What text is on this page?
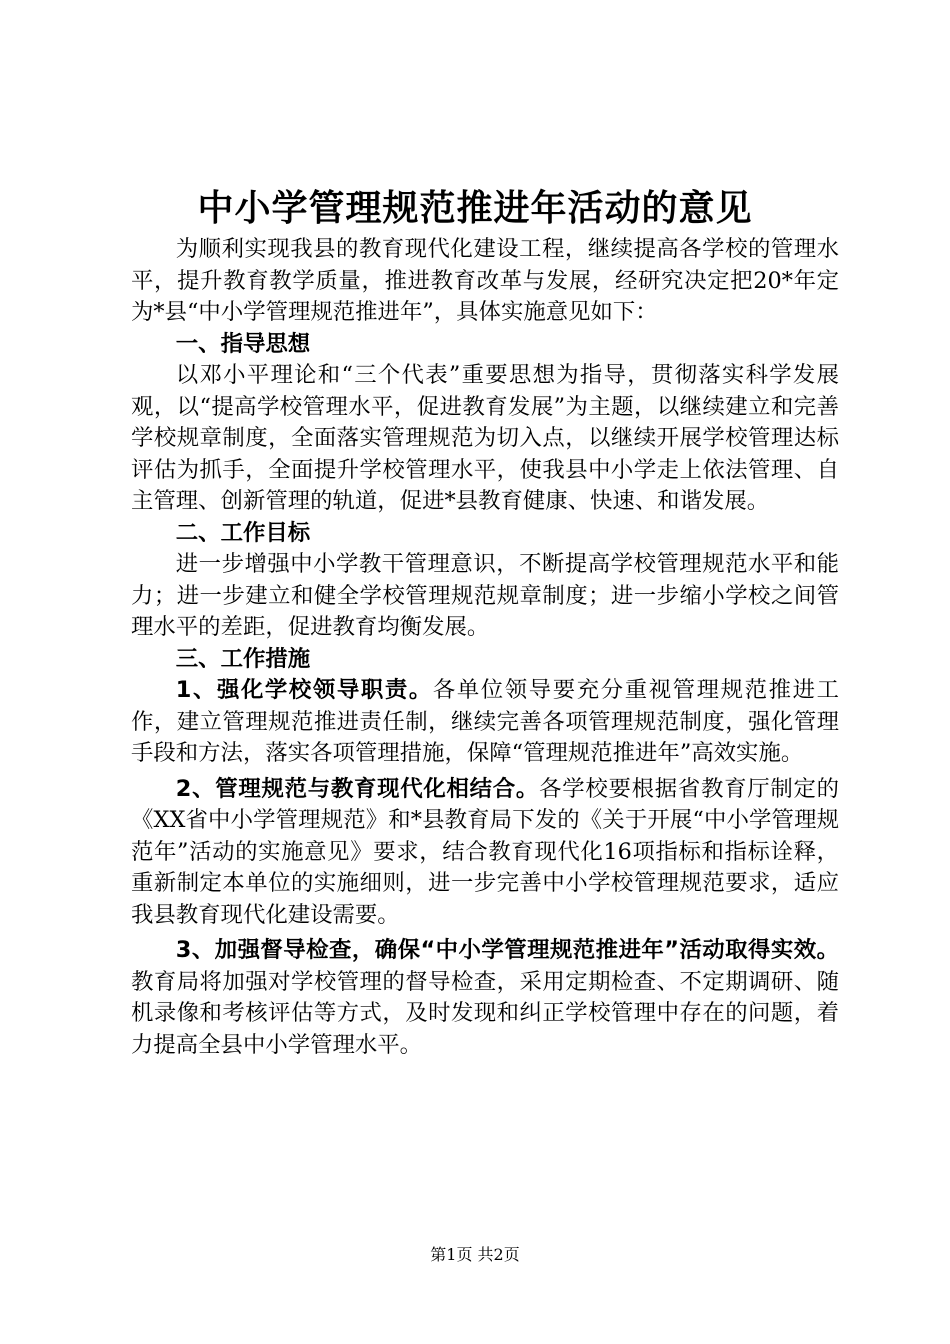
中小学管理规范推进年活动的意见

为顺利实现我县的教育现代化建设工程，继续提高各学校的管理水平，提升教育教学质量，推进教育改革与发展，经研究决定把20*年定为*县“中小学管理规范推进年”，具体实施意见如下：

一、指导思想

以邓小平理论和“三个代表”重要思想为指导，贯彻落实科学发展观，以“提高学校管理水平，促进教育发展”为主题，以继续建立和完善学校规章制度，全面落实管理规范为切入点，以继续开展学校管理达标评估为抓手，全面提升学校管理水平，使我县中小学走上依法管理、自主管理、创新管理的轨道，促进*县教育健康、快速、和谐发展。

二、工作目标

进一步增强中小学教干管理意识，不断提高学校管理规范水平和能力；进一步建立和健全学校管理规范规章制度；进一步缩小学校之间管理水平的差距，促进教育均衡发展。

三、工作措施

1、强化学校领导职责。各单位领导要充分重视管理规范推进工作，建立管理规范推进责任制，继续完善各项管理规范制度，强化管理手段和方法，落实各项管理措施，保障“管理规范推进年”高效实施。

2、管理规范与教育现代化相结合。各学校要根据省教育厅制定的《XX省中小学管理规范》和*县教育局下发的《关于开展“中小学管理规范年”活动的实施意见》要求，结合教育现代化16项指标和指标诠释，重新制定本单位的实施细则，进一步完善中小学校管理规范要求，适应我县教育现代化建设需要。

3、加强督导检查，确保“中小学管理规范推进年”活动取得实效。教育局将加强对学校管理的督导检查，采用定期检查、不定期调研、随机录像和考核评估等方式，及时发现和纠正学校管理中存在的问题，着力提高全县中小学管理水平。

第1页 共2页
